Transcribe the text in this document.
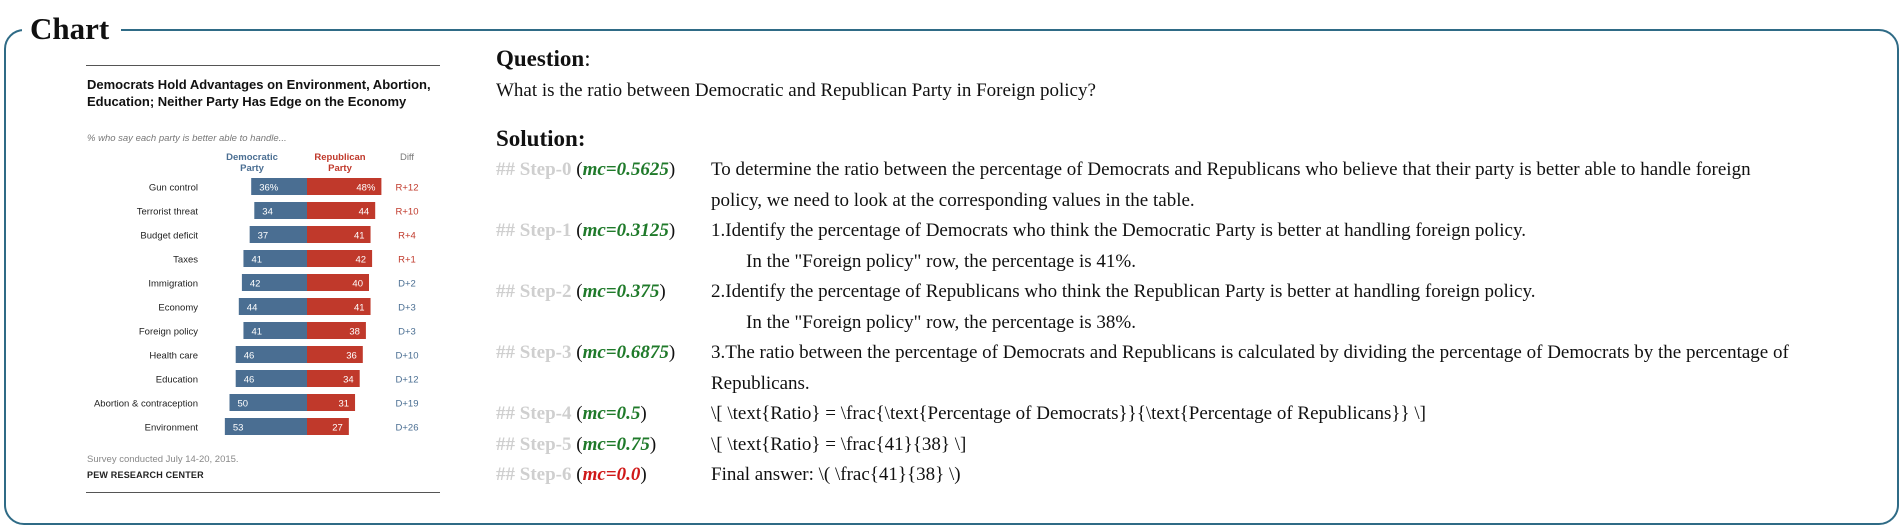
Chart
Democrats Hold Advantages on Environment, Abortion, Education; Neither Party Has Edge on the Economy
% who say each party is better able to handle...
Democratic Party
Republican Party
Diff
Gun control	36%	48% R+12
Terrorist threat	34	44	R+10
Budget deficit	37	41	R+4
Taxes	41	42	R+1
Immigration	42	40	D+2
Economy	44	41	D+3
Foreign policy	41	38	D+3
Health care	46	36	D+10
Education	46	34	D+12
Abortion & contraception	50	31	D+19
Environment	53	27	D+26
Survey conducted July 14-20, 2015.
PEW RESEARCH CENTER
Question:
What is the ratio between Democratic and Republican Party in Foreign policy?
Solution:
## Step-0 (mc=0.5625) To determine the ratio between the percentage of Democrats and Republicans who believe that their party is better able to handle foreign
policy, we need to look at the corresponding values in the table.
## Step-1 (mc=0.3125) 1.Identify the percentage of Democrats who think the Democratic Party is better at handling foreign policy.
In the "Foreign policy" row, the percentage is 41%.
## Step-2 (mc=0.375) 2.Identify the percentage of Republicans who think the Republican Party is better at handling foreign policy.
In the "Foreign policy" row, the percentage is 38%.
## Step-3 (mc=0.6875) 3.The ratio between the percentage of Democrats and Republicans is calculated by dividing the percentage of Democrats by the percentage of
Republicans.
## Step-4 (mc=0.5)	\[ \text{Ratio} = \frac{\text{Percentage of Democrats}}{\text{Percentage of Republicans}} \]
## Step-5 (mc=0.75)	\[ \text{Ratio} = \frac{41}{38} \]
## Step-6 (mc=0.0)	Final answer: \( \frac{41}{38} \)
